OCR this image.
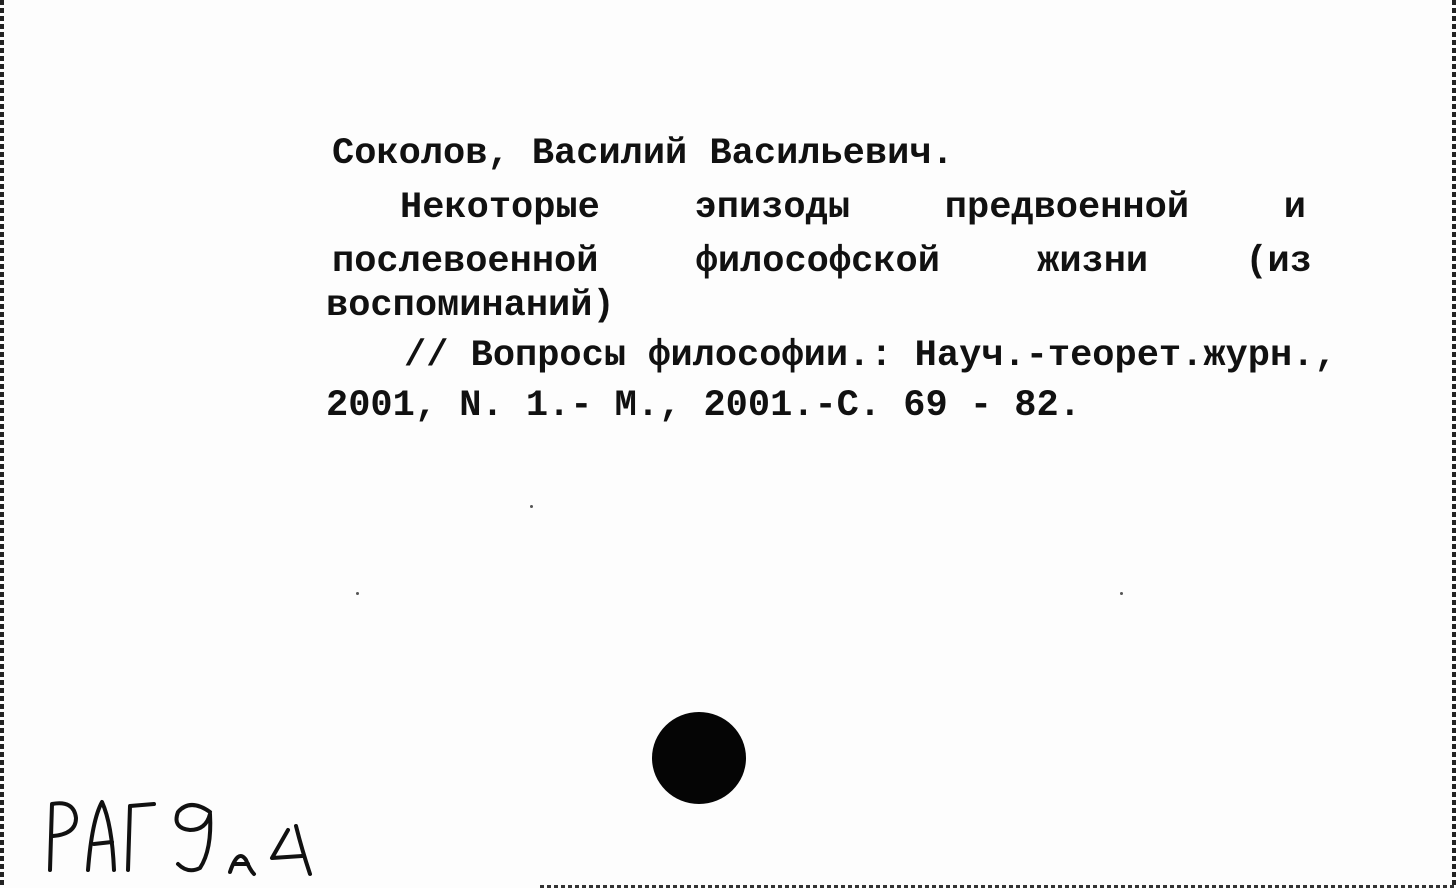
Соколов, Василий Васильевич.
Некоторые	эпизоды	предвоенной	и
послевоенной	философской	жизни	(из
воспоминаний)
// Вопросы философии.: Науч.-теорет.журн.,
2001, N. 1.- М., 2001.-С. 69 - 82.
